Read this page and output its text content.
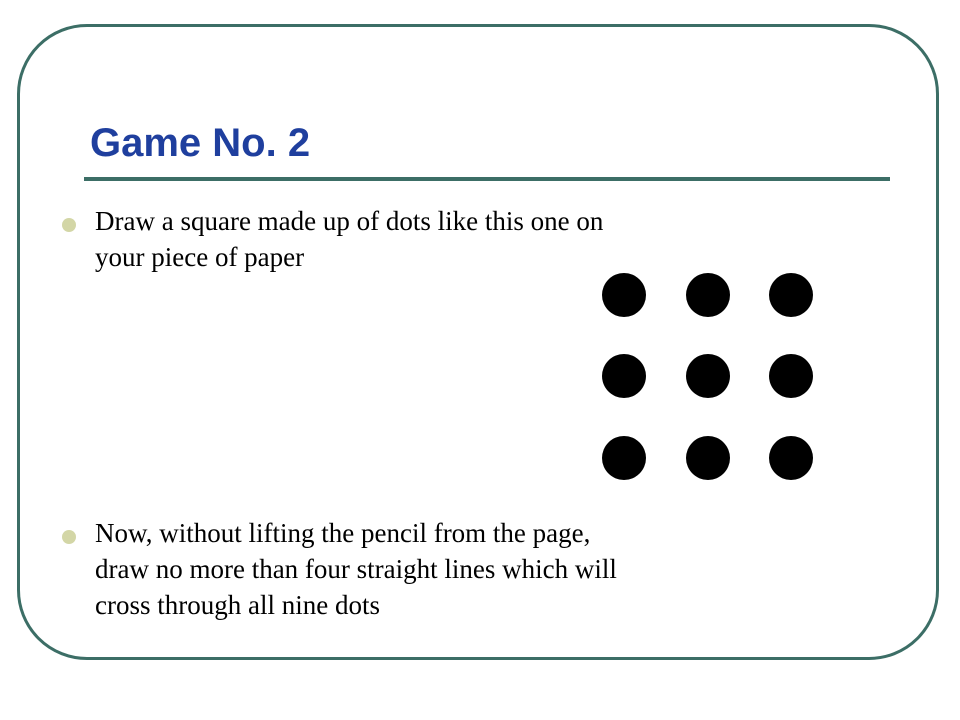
Game No. 2

Draw a square made up of dots like this one on
your piece of paper

Now, without lifting the pencil from the page,
draw no more than four straight lines which will
cross through all nine dots
